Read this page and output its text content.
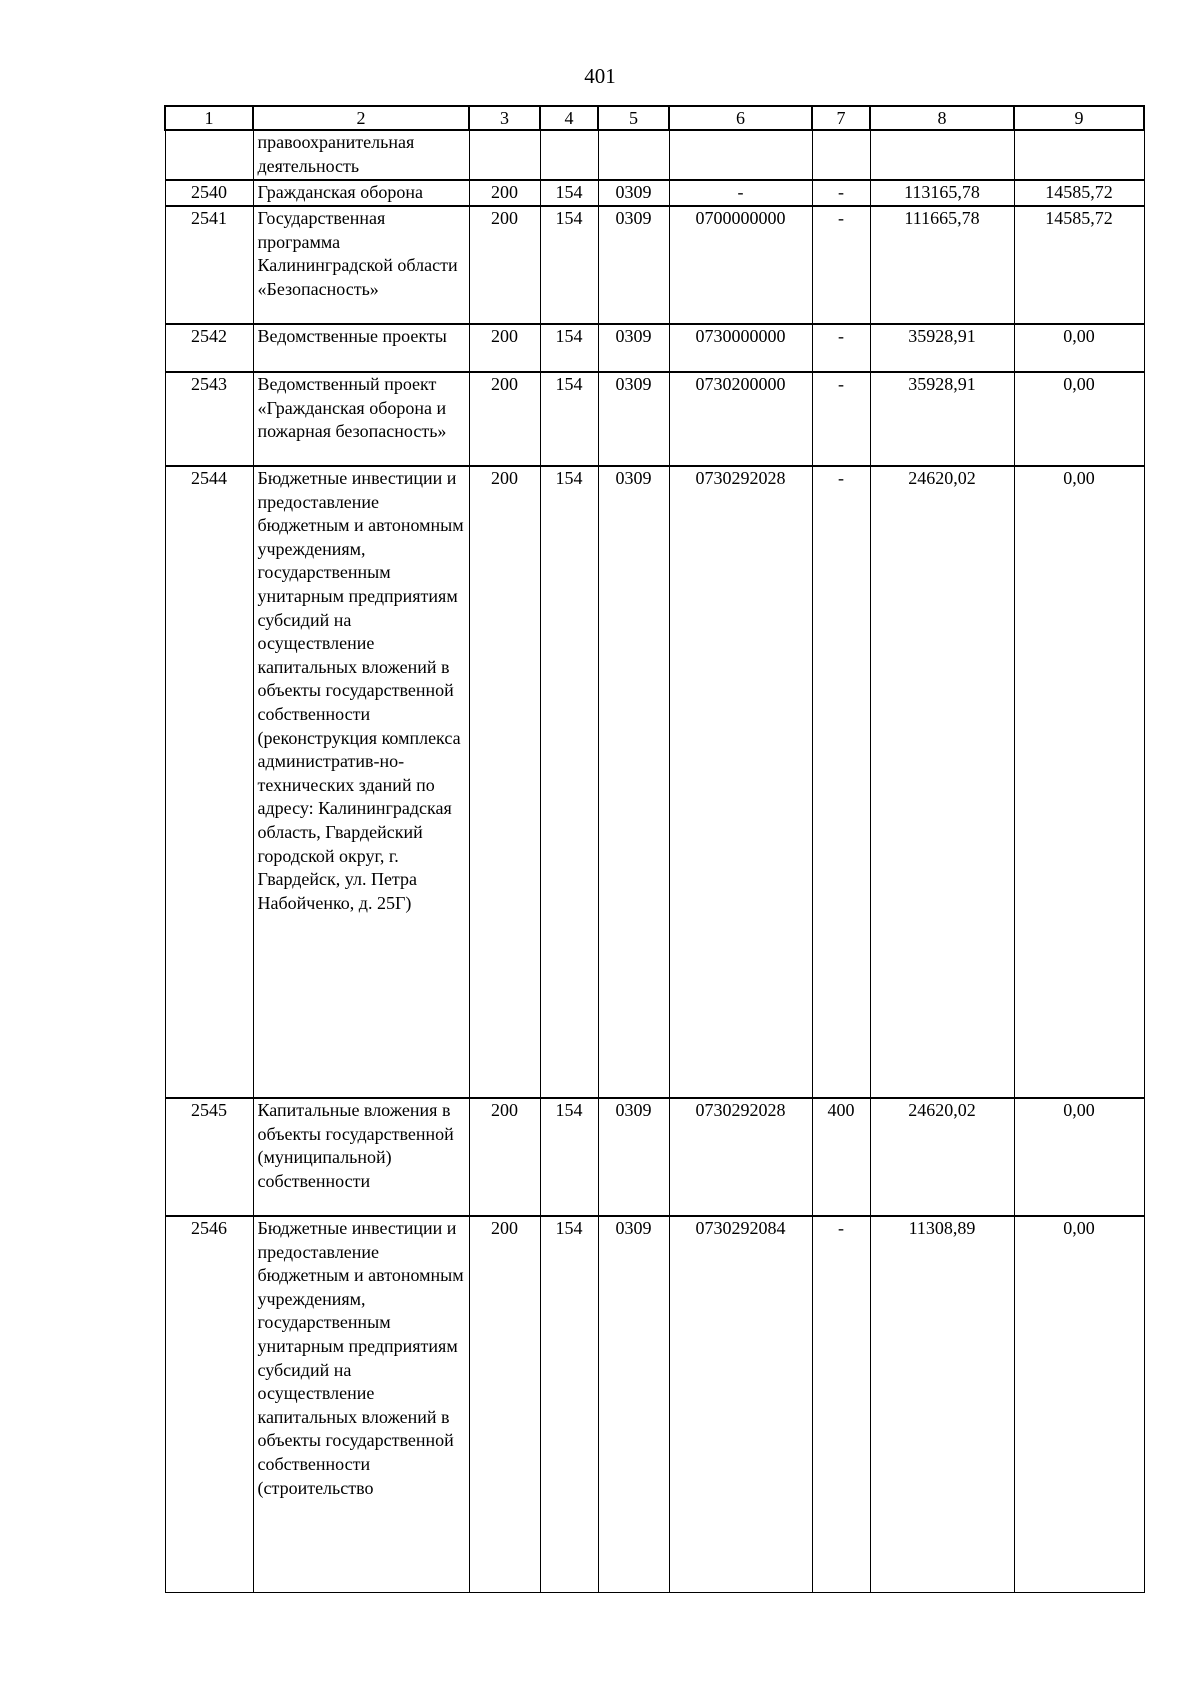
401
1	2	3	4	5	6	7	8	9
	правоохранительная деятельность							
2540	Гражданская оборона	200	154	0309	-	-	113165,78	14585,72
2541	Государственная программа Калининградской области «Безопасность»	200	154	0309	0700000000	-	111665,78	14585,72
2542	Ведомственные проекты	200	154	0309	0730000000	-	35928,91	0,00
2543	Ведомственный проект «Гражданская оборона и пожарная безопасность»	200	154	0309	0730200000	-	35928,91	0,00
2544	Бюджетные инвестиции и предоставление бюджетным и автономным учреждениям, государственным унитарным предприятиям субсидий на осуществление капитальных вложений в объекты государственной собственности (реконструкция комплекса административ-но-технических зданий по адресу: Калининградская область, Гвардейский городской округ, г. Гвардейск, ул. Петра Набойченко, д. 25Г)	200	154	0309	0730292028	-	24620,02	0,00
2545	Капитальные вложения в объекты государственной (муниципальной) собственности	200	154	0309	0730292028	400	24620,02	0,00
2546	Бюджетные инвестиции и предоставление бюджетным и автономным учреждениям, государственным унитарным предприятиям субсидий на осуществление капитальных вложений в объекты государственной собственности (строительство	200	154	0309	0730292084	-	11308,89	0,00
